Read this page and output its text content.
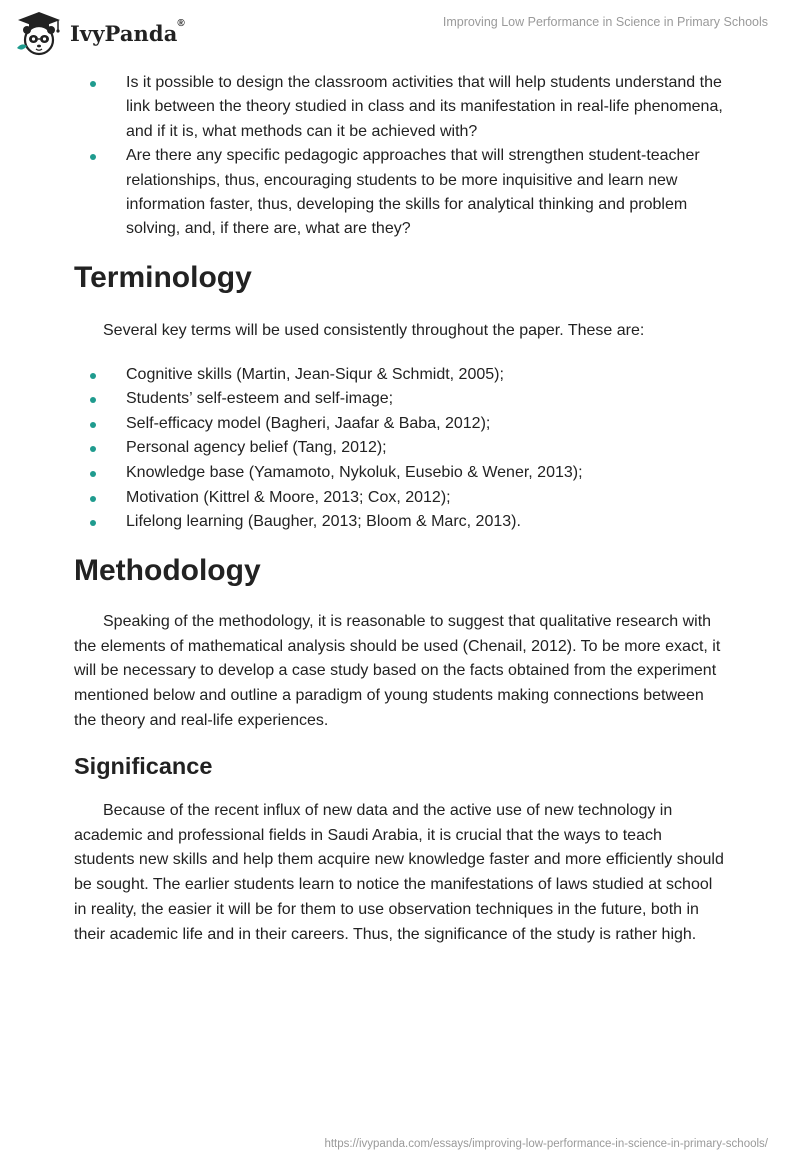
IvyPanda®	Improving Low Performance in Science in Primary Schools
Is it possible to design the classroom activities that will help students understand the link between the theory studied in class and its manifestation in real-life phenomena, and if it is, what methods can it be achieved with?
Are there any specific pedagogic approaches that will strengthen student-teacher relationships, thus, encouraging students to be more inquisitive and learn new information faster, thus, developing the skills for analytical thinking and problem solving, and, if there are, what are they?
Terminology

Several key terms will be used consistently throughout the paper. These are:

Cognitive skills (Martin, Jean-Siqur & Schmidt, 2005);
Students’ self-esteem and self-image;
Self-efficacy model (Bagheri, Jaafar & Baba, 2012);
Personal agency belief (Tang, 2012);
Knowledge base (Yamamoto, Nykoluk, Eusebio & Wener, 2013);
Motivation (Kittrel & Moore, 2013; Cox, 2012);
Lifelong learning (Baugher, 2013; Bloom & Marc, 2013).
Methodology

Speaking of the methodology, it is reasonable to suggest that qualitative research with the elements of mathematical analysis should be used (Chenail, 2012). To be more exact, it will be necessary to develop a case study based on the facts obtained from the experiment mentioned below and outline a paradigm of young students making connections between the theory and real-life experiences.

Significance

Because of the recent influx of new data and the active use of new technology in academic and professional fields in Saudi Arabia, it is crucial that the ways to teach students new skills and help them acquire new knowledge faster and more efficiently should be sought. The earlier students learn to notice the manifestations of laws studied at school in reality, the easier it will be for them to use observation techniques in the future, both in their academic life and in their careers. Thus, the significance of the study is rather high.

https://ivypanda.com/essays/improving-low-performance-in-science-in-primary-schools/
